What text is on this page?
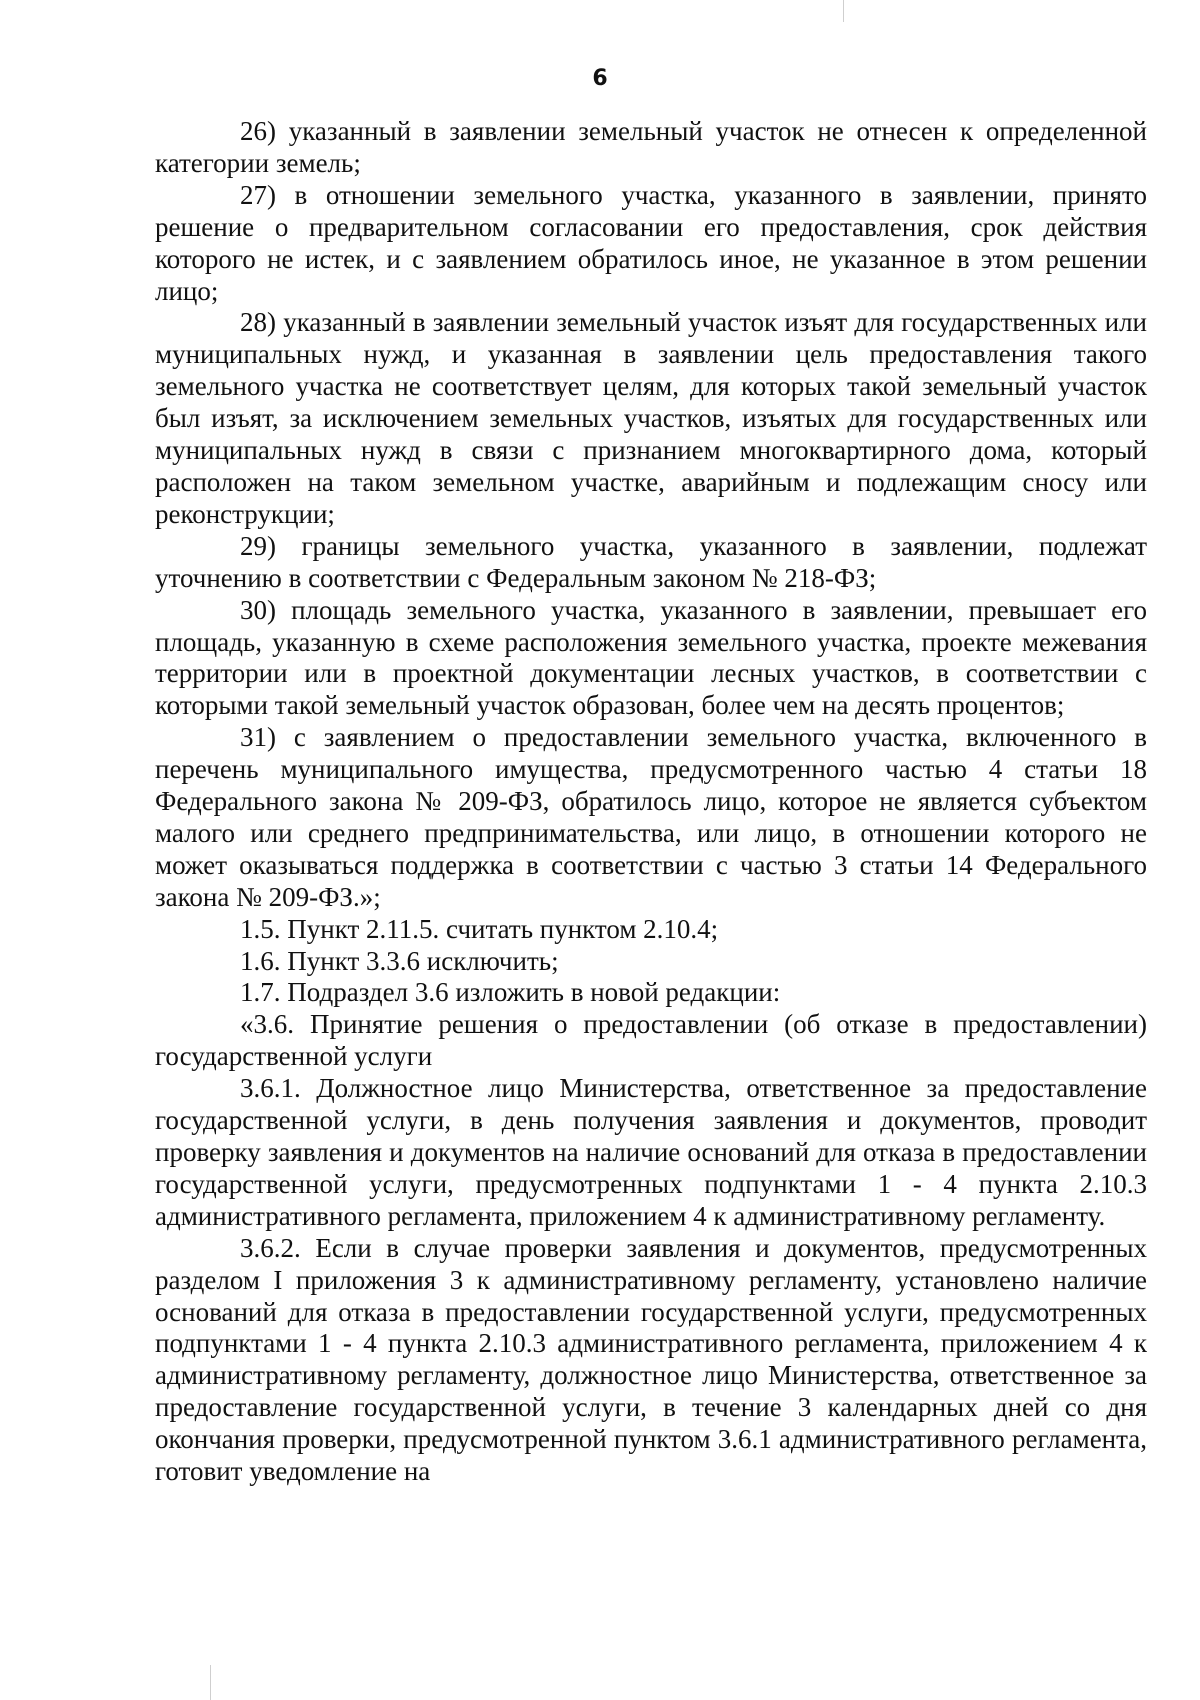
6

26) указанный в заявлении земельный участок не отнесен к определенной категории земель;

27) в отношении земельного участка, указанного в заявлении, принято решение о предварительном согласовании его предоставления, срок действия которого не истек, и с заявлением обратилось иное, не указанное в этом решении лицо;

28) указанный в заявлении земельный участок изъят для государственных или муниципальных нужд, и указанная в заявлении цель предоставления такого земельного участка не соответствует целям, для которых такой земельный участок был изъят, за исключением земельных участков, изъятых для государственных или муниципальных нужд в связи с признанием многоквартирного дома, который расположен на таком земельном участке, аварийным и подлежащим сносу или реконструкции;

29) границы земельного участка, указанного в заявлении, подлежат уточнению в соответствии с Федеральным законом № 218-ФЗ;

30) площадь земельного участка, указанного в заявлении, превышает его площадь, указанную в схеме расположения земельного участка, проекте межевания территории или в проектной документации лесных участков, в соответствии с которыми такой земельный участок образован, более чем на десять процентов;

31) с заявлением о предоставлении земельного участка, включенного в перечень муниципального имущества, предусмотренного частью 4 статьи 18 Федерального закона № 209-ФЗ, обратилось лицо, которое не является субъектом малого или среднего предпринимательства, или лицо, в отношении которого не может оказываться поддержка в соответствии с частью 3 статьи 14 Федерального закона № 209-ФЗ.»;

1.5. Пункт 2.11.5. считать пунктом 2.10.4;

1.6. Пункт 3.3.6 исключить;

1.7. Подраздел 3.6 изложить в новой редакции:

«3.6. Принятие решения о предоставлении (об отказе в предоставлении) государственной услуги

3.6.1. Должностное лицо Министерства, ответственное за предоставление государственной услуги, в день получения заявления и документов, проводит проверку заявления и документов на наличие оснований для отказа в предоставлении государственной услуги, предусмотренных подпунктами 1 - 4 пункта 2.10.3 административного регламента, приложением 4 к административному регламенту.

3.6.2. Если в случае проверки заявления и документов, предусмотренных разделом I приложения 3 к административному регламенту, установлено наличие оснований для отказа в предоставлении государственной услуги, предусмотренных подпунктами 1 - 4 пункта 2.10.3 административного регламента, приложением 4 к административному регламенту, должностное лицо Министерства, ответственное за предоставление государственной услуги, в течение 3 календарных дней со дня окончания проверки, предусмотренной пунктом 3.6.1 административного регламента, готовит уведомление на
